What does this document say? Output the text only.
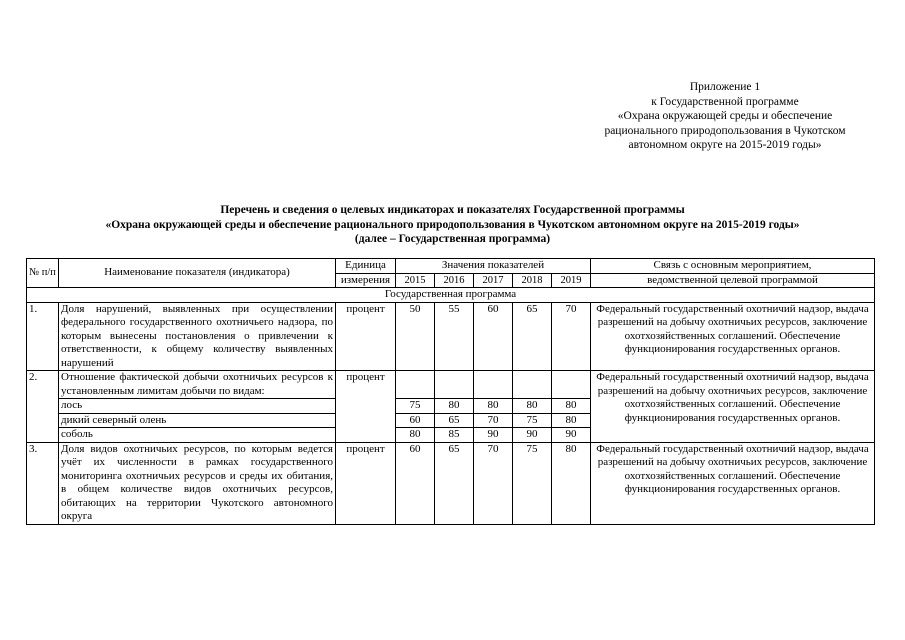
Приложение 1
к Государственной программе
«Охрана окружающей среды и обеспечение
рационального природопользования в Чукотском
автономном округе на 2015-2019 годы»
Перечень и сведения о целевых индикаторах и показателях Государственной программы
«Охрана окружающей среды и обеспечение рационального природопользования в Чукотском автономном округе на 2015-2019 годы»
(далее – Государственная программа)
№ п/п	Наименование показателя (индикатора)	Единица	Значения показателей					Связь с основным мероприятием,
		измерения	2015	2016	2017	2018	2019	ведомственной целевой программой
Государственная программа								
1.	Доля нарушений, выявленных при осуществлении федерального государственного охотничьего надзора, по которым вынесены постановления о привлечении к ответственности, к общему количеству выявленных нарушений	процент	50	55	60	65	70	Федеральный государственный охотничий надзор, выдача разрешений на добычу охотничьих ресурсов, заключение охотхозяйственных соглашений. Обеспечение функционирования государственных органов.
2.	Отношение фактической добычи охотничьих ресурсов к установленным лимитам добычи по видам:	процент						Федеральный государственный охотничий надзор, выдача разрешений на добычу охотничьих ресурсов, заключение охотхозяйственных соглашений. Обеспечение функционирования государственных органов.
	лось		75	80	80	80	80	
	дикий северный олень		60	65	70	75	80	
	соболь		80	85	90	90	90	
3.	Доля видов охотничьих ресурсов, по которым ведется учёт их численности в рамках государственного мониторинга охотничьих ресурсов и среды их обитания, в общем количестве видов охотничьих ресурсов, обитающих на территории Чукотского автономного округа	процент	60	65	70	75	80	Федеральный государственный охотничий надзор, выдача разрешений на добычу охотничьих ресурсов, заключение охотхозяйственных соглашений. Обеспечение функционирования государственных органов.
